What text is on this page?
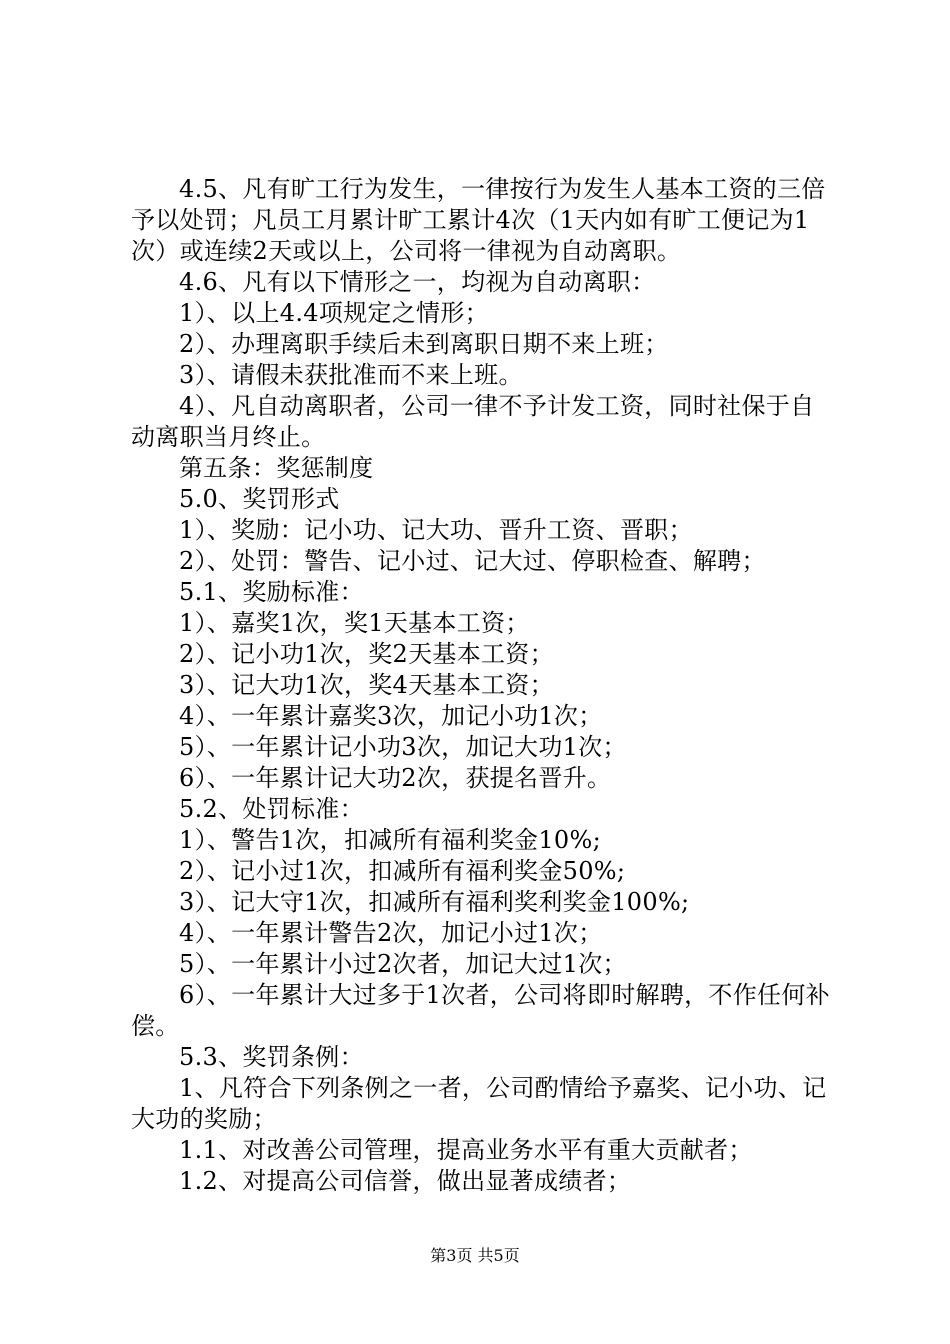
4.5、凡有旷工行为发生，一律按行为发生人基本工资的三倍予以处罚；凡员工月累计旷工累计4次（1天内如有旷工便记为1次）或连续2天或以上，公司将一律视为自动离职。

4.6、凡有以下情形之一，均视为自动离职：

1）、以上4.4项规定之情形；

2）、办理离职手续后未到离职日期不来上班；

3）、请假未获批准而不来上班。

4）、凡自动离职者，公司一律不予计发工资，同时社保于自动离职当月终止。

第五条：奖惩制度

5.0、奖罚形式

1）、奖励：记小功、记大功、晋升工资、晋职；

2）、处罚：警告、记小过、记大过、停职检查、解聘；

5.1、奖励标准：

1）、嘉奖1次，奖1天基本工资；

2）、记小功1次，奖2天基本工资；

3）、记大功1次，奖4天基本工资；

4）、一年累计嘉奖3次，加记小功1次；

5）、一年累计记小功3次，加记大功1次；

6）、一年累计记大功2次，获提名晋升。

5.2、处罚标准：

1）、警告1次，扣减所有福利奖金10%;

2）、记小过1次，扣减所有福利奖金50%;

3）、记大守1次，扣减所有福利奖利奖金100%;

4）、一年累计警告2次，加记小过1次；

5）、一年累计小过2次者，加记大过1次；

6）、一年累计大过多于1次者，公司将即时解聘，不作任何补偿。

5.3、奖罚条例：

1、凡符合下列条例之一者，公司酌情给予嘉奖、记小功、记大功的奖励；

1.1、对改善公司管理，提高业务水平有重大贡献者；

1.2、对提高公司信誉，做出显著成绩者；

第3页 共5页
